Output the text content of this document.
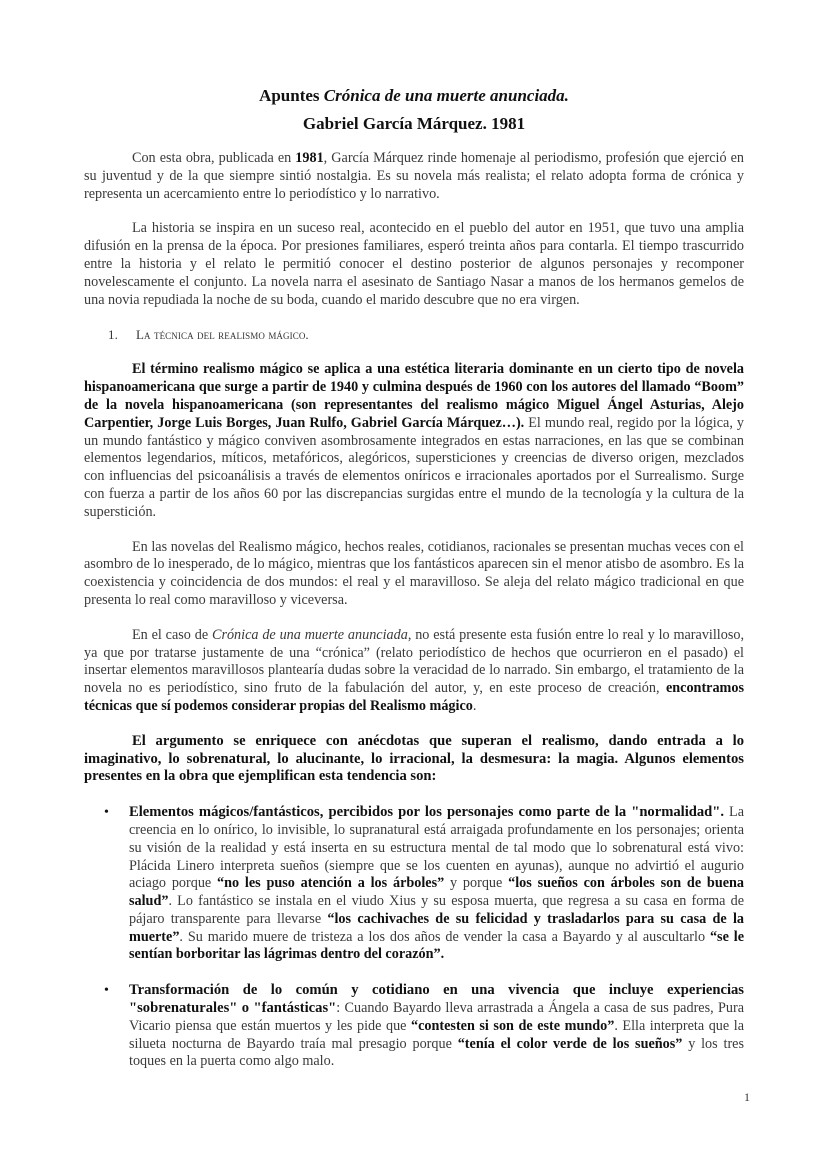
Apuntes Crónica de una muerte anunciada.
Gabriel García Márquez. 1981

Con esta obra, publicada en 1981, García Márquez rinde homenaje al periodismo, profesión que ejerció en su juventud y de la que siempre sintió nostalgia. Es su novela más realista; el relato adopta forma de crónica y representa un acercamiento entre lo periodístico y lo narrativo.

La historia se inspira en un suceso real, acontecido en el pueblo del autor en 1951, que tuvo una amplia difusión en la prensa de la época. Por presiones familiares, esperó treinta años para contarla. El tiempo trascurrido entre la historia y el relato le permitió conocer el destino posterior de algunos personajes y recomponer novelescamente el conjunto. La novela narra el asesinato de Santiago Nasar a manos de los hermanos gemelos de una novia repudiada la noche de su boda, cuando el marido descubre que no era virgen.

1. La técnica del realismo mágico.

El término realismo mágico se aplica a una estética literaria dominante en un cierto tipo de novela hispanoamericana que surge a partir de 1940 y culmina después de 1960 con los autores del llamado “Boom” de la novela hispanoamericana (son representantes del realismo mágico Miguel Ángel Asturias, Alejo Carpentier, Jorge Luis Borges, Juan Rulfo, Gabriel García Márquez…). El mundo real, regido por la lógica, y un mundo fantástico y mágico conviven asombrosamente integrados en estas narraciones, en las que se combinan elementos legendarios, míticos, metafóricos, alegóricos, supersticiones y creencias de diverso origen, mezclados con influencias del psicoanálisis a través de elementos oníricos e irracionales aportados por el Surrealismo. Surge con fuerza a partir de los años 60 por las discrepancias surgidas entre el mundo de la tecnología y la cultura de la superstición.

En las novelas del Realismo mágico, hechos reales, cotidianos, racionales se presentan muchas veces con el asombro de lo inesperado, de lo mágico, mientras que los fantásticos aparecen sin el menor atisbo de asombro. Es la coexistencia y coincidencia de dos mundos: el real y el maravilloso. Se aleja del relato mágico tradicional en que presenta lo real como maravilloso y viceversa.

En el caso de Crónica de una muerte anunciada, no está presente esta fusión entre lo real y lo maravilloso, ya que por tratarse justamente de una “crónica” (relato periodístico de hechos que ocurrieron en el pasado) el insertar elementos maravillosos plantearía dudas sobre la veracidad de lo narrado. Sin embargo, el tratamiento de la novela no es periodístico, sino fruto de la fabulación del autor, y, en este proceso de creación, encontramos técnicas que sí podemos considerar propias del Realismo mágico.

El argumento se enriquece con anécdotas que superan el realismo, dando entrada a lo imaginativo, lo sobrenatural, lo alucinante, lo irracional, la desmesura: la magia. Algunos elementos presentes en la obra que ejemplifican esta tendencia son:

• Elementos mágicos/fantásticos, percibidos por los personajes como parte de la "normalidad". La creencia en lo onírico, lo invisible, lo supranatural está arraigada profundamente en los personajes; orienta su visión de la realidad y está inserta en su estructura mental de tal modo que lo sobrenatural está vivo: Plácida Linero interpreta sueños (siempre que se los cuenten en ayunas), aunque no advirtió el augurio aciago porque “no les puso atención a los árboles” y porque “los sueños con árboles son de buena salud”. Lo fantástico se instala en el viudo Xius y su esposa muerta, que regresa a su casa en forma de pájaro transparente para llevarse “los cachivaches de su felicidad y trasladarlos para su casa de la muerte”. Su marido muere de tristeza a los dos años de vender la casa a Bayardo y al auscultarlo “se le sentían borboritar las lágrimas dentro del corazón”.
• Transformación de lo común y cotidiano en una vivencia que incluye experiencias "sobrenaturales" o "fantásticas": Cuando Bayardo lleva arrastrada a Ángela a casa de sus padres, Pura Vicario piensa que están muertos y les pide que “contesten si son de este mundo”. Ella interpreta que la silueta nocturna de Bayardo traía mal presagio porque “tenía el color verde de los sueños” y los tres toques en la puerta como algo malo.
1
